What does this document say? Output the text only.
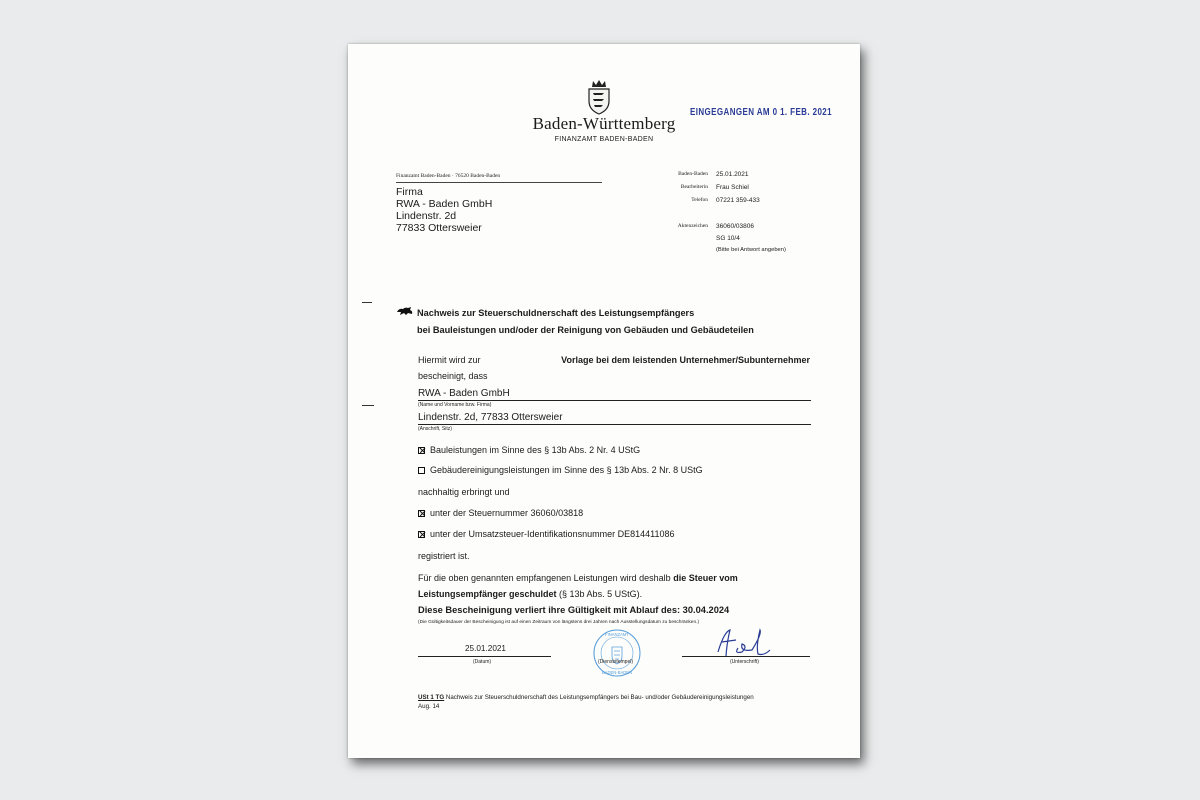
Baden-Württemberg
FINANZAMT BADEN-BADEN
EINGEGANGEN AM 0 1. FEB. 2021
Finanzamt Baden-Baden · 76520 Baden-Baden
Firma
RWA - Baden GmbH
Lindenstr. 2d
77833 Ottersweier
Baden-Baden 25.01.2021
Bearbeiterin Frau Schiel
Telefon 07221 359-433
Aktenzeichen 36060/03806
SG 10/4
(Bitte bei Antwort angeben)
Nachweis zur Steuerschuldnerschaft des Leistungsempfängers
bei Bauleistungen und/oder der Reinigung von Gebäuden und Gebäudeteilen
Hiermit wird zur	Vorlage bei dem leistenden Unternehmer/Subunternehmer
bescheinigt, dass
RWA - Baden GmbH
(Name und Vorname bzw. Firma)
Lindenstr. 2d, 77833 Ottersweier
(Anschrift, Sitz)
Bauleistungen im Sinne des § 13b Abs. 2 Nr. 4 UStG
Gebäudereinigungsleistungen im Sinne des § 13b Abs. 2 Nr. 8 UStG
nachhaltig erbringt und
unter der Steuernummer 36060/03818
unter der Umsatzsteuer-Identifikationsnummer DE814411086
registriert ist.
Für die oben genannten empfangenen Leistungen wird deshalb die Steuer vom
Leistungsempfänger geschuldet (§ 13b Abs. 5 UStG).
Diese Bescheinigung verliert ihre Gültigkeit mit Ablauf des: 30.04.2024
(Die Gültigkeitsdauer der Bescheinigung ist auf einen Zeitraum von längstens drei Jahren nach Ausstellungsdatum zu beschränken.)
25.01.2021
(Datum)
FINANZAMT
BADEN-BADEN
(Dienststempel)	(Unterschrift)
USt 1 TG Nachweis zur Steuerschuldnerschaft des Leistungsempfängers bei Bau- und/oder Gebäudereinigungsleistungen
Aug. 14
